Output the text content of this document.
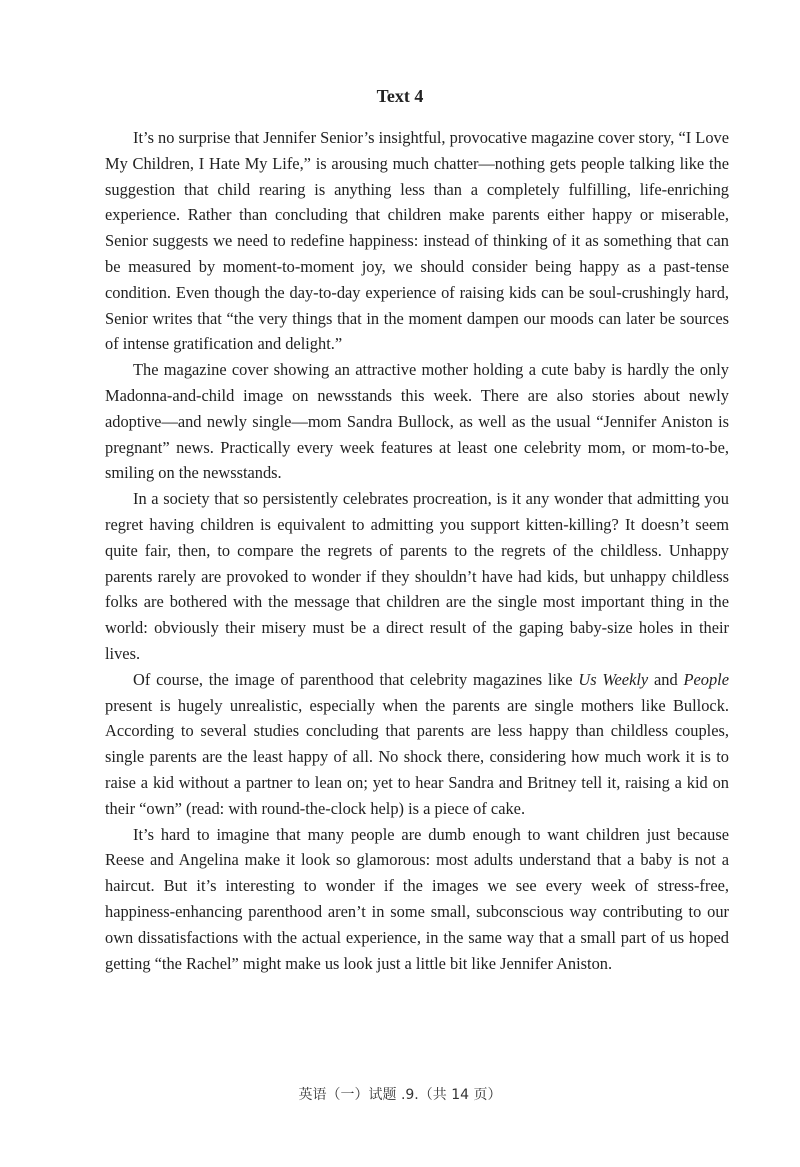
Text 4

It’s no surprise that Jennifer Senior’s insightful, provocative magazine cover story, “I Love My Children, I Hate My Life,” is arousing much chatter—nothing gets people talking like the suggestion that child rearing is anything less than a completely fulfilling, life-enriching experience. Rather than concluding that children make parents either happy or miserable, Senior suggests we need to redefine happiness: instead of thinking of it as something that can be measured by moment-to-moment joy, we should consider being happy as a past-tense condition. Even though the day-to-day experience of raising kids can be soul-crushingly hard, Senior writes that “the very things that in the moment dampen our moods can later be sources of intense gratification and delight.”

The magazine cover showing an attractive mother holding a cute baby is hardly the only Madonna-and-child image on newsstands this week. There are also stories about newly adoptive—and newly single—mom Sandra Bullock, as well as the usual “Jennifer Aniston is pregnant” news. Practically every week features at least one celebrity mom, or mom-to-be, smiling on the newsstands.

In a society that so persistently celebrates procreation, is it any wonder that admitting you regret having children is equivalent to admitting you support kitten-killing? It doesn’t seem quite fair, then, to compare the regrets of parents to the regrets of the childless. Unhappy parents rarely are provoked to wonder if they shouldn’t have had kids, but unhappy childless folks are bothered with the message that children are the single most important thing in the world: obviously their misery must be a direct result of the gaping baby-size holes in their lives.

Of course, the image of parenthood that celebrity magazines like Us Weekly and People present is hugely unrealistic, especially when the parents are single mothers like Bullock. According to several studies concluding that parents are less happy than childless couples, single parents are the least happy of all. No shock there, considering how much work it is to raise a kid without a partner to lean on; yet to hear Sandra and Britney tell it, raising a kid on their “own” (read: with round-the-clock help) is a piece of cake.

It’s hard to imagine that many people are dumb enough to want children just because Reese and Angelina make it look so glamorous: most adults understand that a baby is not a haircut. But it’s interesting to wonder if the images we see every week of stress-free, happiness-enhancing parenthood aren’t in some small, subconscious way contributing to our own dissatisfactions with the actual experience, in the same way that a small part of us hoped getting “the Rachel” might make us look just a little bit like Jennifer Aniston.

英语（一）试题 .9.（共 14 页）
